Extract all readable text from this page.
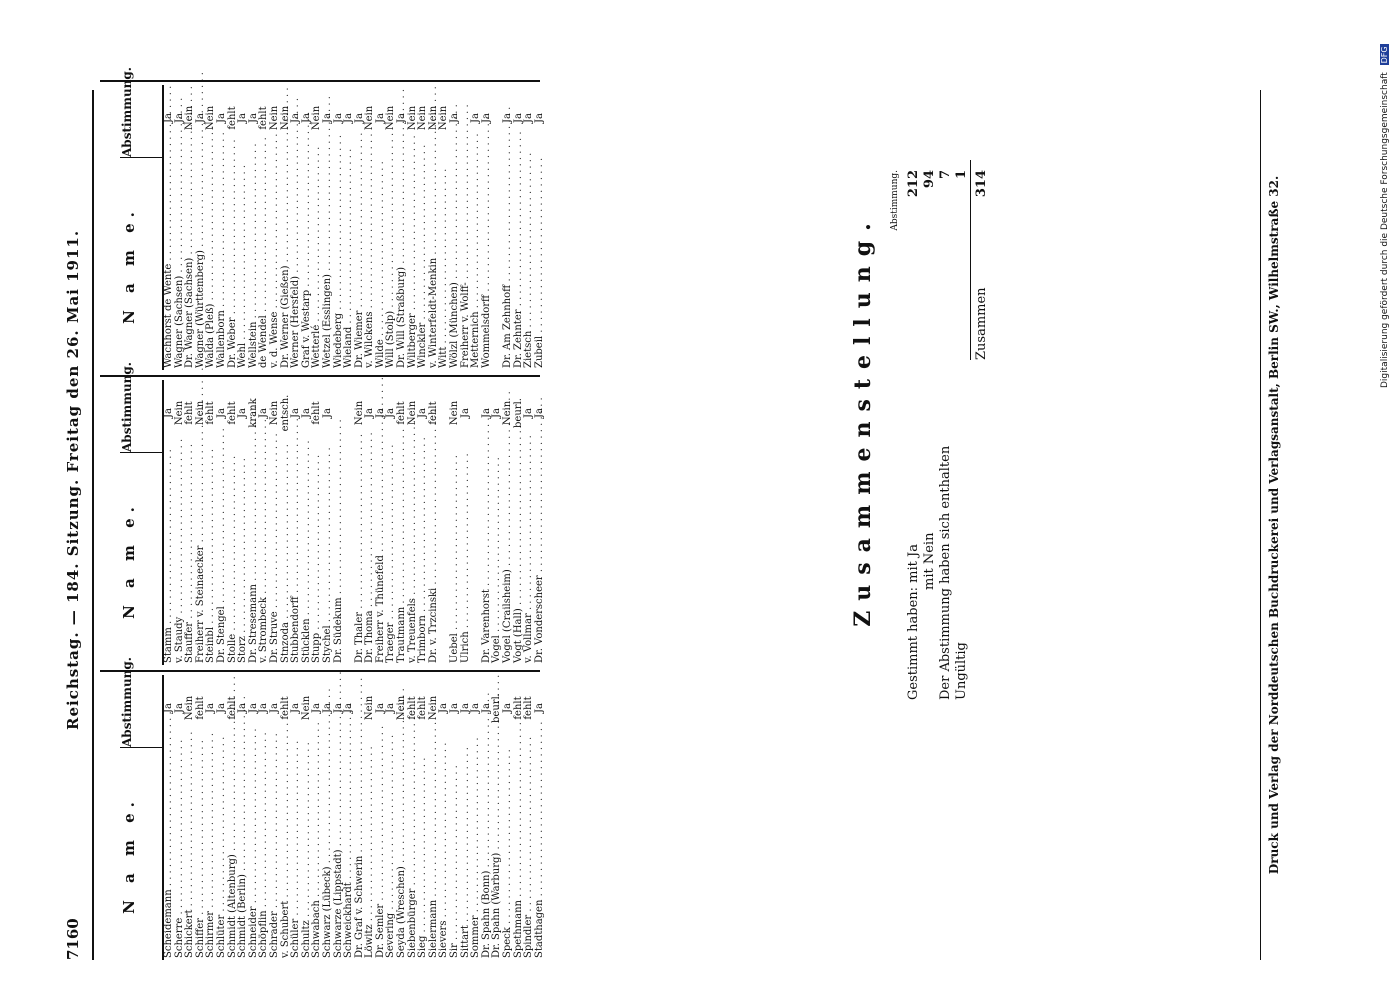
7160
Reichstag. — 184. Sitzung. Freitag den 26. Mai 1911.
N a m e.
Abstimmung.
Scheidemann . . .
Ja
Scherre . . .
Ja
Schickert . . .
Nein
Schiffer . . .
fehlt
Schirmer . . .
Ja
Schlüter . . .
Ja
Schmidt (Altenburg) . . .
fehlt
Schmidt (Berlin) . . .
Ja
Schneider . . .
Ja
Schöpflin . . .
Ja
Schrader . . .
Ja
v. Schubert . . .
fehlt
Schüler . . .
Ja
Schultz . . .
Nein
Schwabach . . .
Ja
Schwarz (Lübeck) . . .
Ja
Schwarze (Lippstadt) . . .
Ja
Schweickhardt . . .
Ja
Dr. Graf v. Schwerin . . . Löwitz . . .
Nein
Dr. Semler . . .
Ja
Severing . . .
Ja
Seyda (Wreschen) . . .
Nein
Siebenbürger . . .
fehlt
Sieg . . .
fehlt
Sielermann . . .
Nein
Sievers . . .
Ja
Sir . . .
Ja
Sittart . . .
Ja
Sommer . . .
Ja
Dr. Spahn (Bonn) . . .
Ja
Dr. Spahn (Warburg) . . .
beurl.
Speck . . .
Ja
Spethmann . . .
fehlt
Spindler . . .
fehlt
Stadthagen . . .
Ja
N a m e.
Abstimmung.
Stamm . . .
Ja
v. Staudy . . .
Nein
Stauffer . . .
fehlt
Freiherr v. Steinaecker . . .
Nein
Steinbl . . .
fehlt
Dr. Stengel . . .
Ja
Stolle . . .
fehlt
Storz . . .
Ja
Dr. Stresemann . . .
krank
v. Strombeck . . .
Ja
Dr. Struve . . .
Nein
Stnzoda . . .
entsch.
Stubbendorff . . .
Ja
Stücklen . . .
Ja
Stupp . . .
fehlt
Stychel . . .
Ja
Dr. Südekum . . . Dr. Thaler . . .
Nein
Dr. Thoma . . .
Ja
Freiherr v. Thünefeld . . .
Ja
Traeger . . .
Ja
Trautmann . . .
fehlt
v. Treuenfels . . .
Nein
Trimborn . . .
Ja
Dr. v. Trzcinski . . .
fehlt
Uebel . . .
Nein
Ulrich . . .
Ja
Dr. Varenhorst . . .
Ja
Vogel . . .
Ja
Vogel (Crailsheim) . . .
Nein
Vogt (Hall) . . .
beurl.
v. Vollmar . . .
Ja
Dr. Vonderscheer . . .
Ja
N a m e.
Abstimmung.
Wachhorst de Wente . . .
Ja
Wagner (Sachsen) . . .
Ja
Dr. Wagner (Sachsen) . . .
Nein
Wagner (Württemberg) . . .
Ja
Walda (Pleß) . . .
Nein
Wallenborn . . .
Ja
Dr. Weber . . .
fehlt
Wehl . . .
Ja
Wellstein . . .
Ja
de Wendel . . .
fehlt
v. d. Wense . . .
Nein
Dr. Werner (Gießen) . . .
Nein
Werner (Hersfeld) . . .
Ja
Graf v. Westarp . . .
Ja
Wetterlé . . .
Nein
Wetzel (Esslingen) . . .
Ja
Wiedeberg . . .
Ja
Wieland . . .
Ja
Dr. Wiemer . . .
Ja
v. Wilckens . . .
Nein
Wilde . . .
Ja
Will (Stolp) . . .
Nein
Dr. Will (Straßburg) . . .
Ja
Wiltberger . . .
Nein
Winckler . . .
Nein
v. Winterfeldt-Menkin . . .
Nein
Witt . . .
Nein
Wölzl (München) . . .
Ja
Freiherr v. Wolff- . . . Metternich . . .
Ja
Wommelsdorff . . .
Ja
Dr. Am Zehnhoff . . .
Ja
Dr. Zehnter . . .
Ja
Zietsch . . .
Ja
Zubeil . . .
Ja
Zusammenstellung.
Abstimmung.
Gestimmt haben: mit Ja
212
mit Nein
94
Der Abstimmung haben sich enthalten
7
Ungültig
1
Zusammen
314	Druck und Verlag der Norddeutschen Buchdruckerei und Verlagsanstalt, Berlin SW., Wilhelmstraße 32.	Digitalisierung gefördert durch die Deutsche Forschungsgemeinschaft DFG
